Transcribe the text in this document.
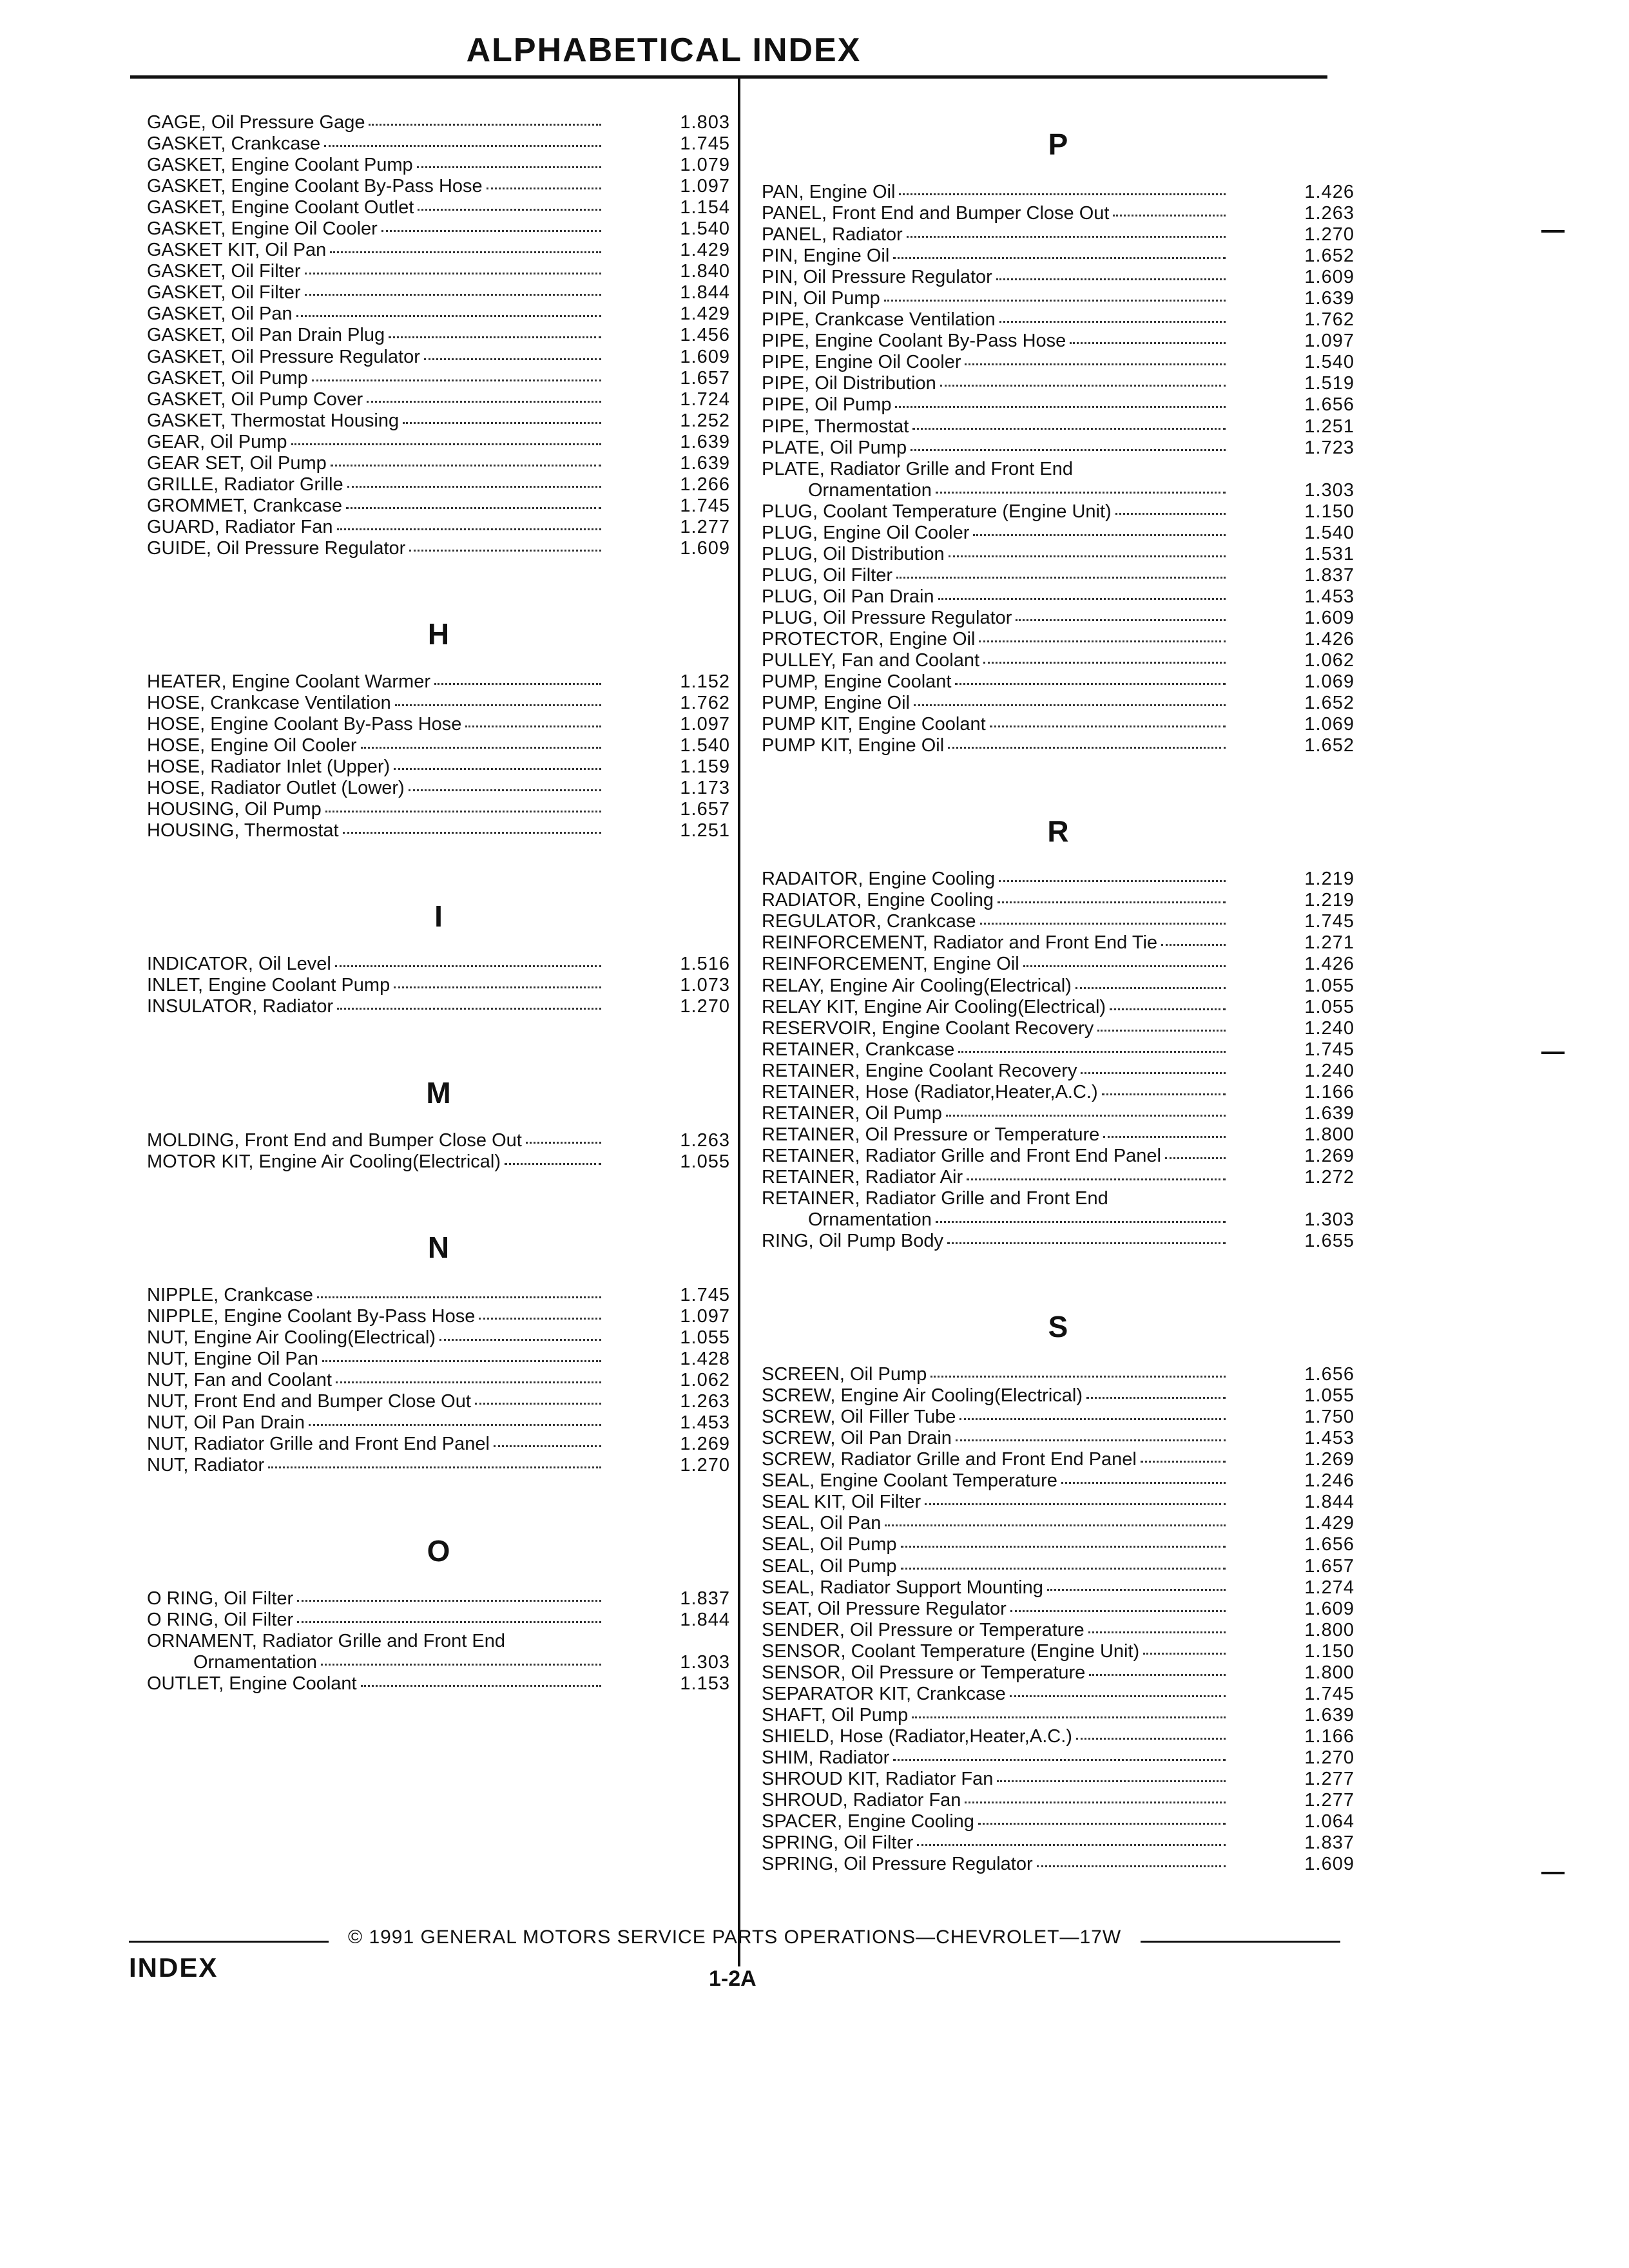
ALPHABETICAL INDEX
GAGE, Oil Pressure Gage	1.803
GASKET, Crankcase	1.745
GASKET, Engine Coolant Pump	1.079
GASKET, Engine Coolant By-Pass Hose	1.097
GASKET, Engine Coolant Outlet	1.154
GASKET, Engine Oil Cooler	1.540
GASKET KIT, Oil Pan	1.429
GASKET, Oil Filter	1.840
GASKET, Oil Filter	1.844
GASKET, Oil Pan	1.429
GASKET, Oil Pan Drain Plug	1.456
GASKET, Oil Pressure Regulator	1.609
GASKET, Oil Pump	1.657
GASKET, Oil Pump Cover	1.724
GASKET, Thermostat Housing	1.252
GEAR, Oil Pump	1.639
GEAR SET, Oil Pump	1.639
GRILLE, Radiator Grille	1.266
GROMMET, Crankcase	1.745
GUARD, Radiator Fan	1.277
GUIDE, Oil Pressure Regulator	1.609
H
HEATER, Engine Coolant Warmer	1.152
HOSE, Crankcase Ventilation	1.762
HOSE, Engine Coolant By-Pass Hose	1.097
HOSE, Engine Oil Cooler	1.540
HOSE, Radiator Inlet (Upper)	1.159
HOSE, Radiator Outlet (Lower)	1.173
HOUSING, Oil Pump	1.657
HOUSING, Thermostat	1.251
I
INDICATOR, Oil Level	1.516
INLET, Engine Coolant Pump	1.073
INSULATOR, Radiator	1.270
M
MOLDING, Front End and Bumper Close Out	1.263
MOTOR KIT, Engine Air Cooling(Electrical)	1.055
N
NIPPLE, Crankcase	1.745
NIPPLE, Engine Coolant By-Pass Hose	1.097
NUT, Engine Air Cooling(Electrical)	1.055
NUT, Engine Oil Pan	1.428
NUT, Fan and Coolant	1.062
NUT, Front End and Bumper Close Out	1.263
NUT, Oil Pan Drain	1.453
NUT, Radiator Grille and Front End Panel	1.269
NUT, Radiator	1.270
O
O RING, Oil Filter	1.837
O RING, Oil Filter	1.844
ORNAMENT, Radiator Grille and Front End
Ornamentation	1.303
OUTLET, Engine Coolant	1.153
P
PAN, Engine Oil	1.426
PANEL, Front End and Bumper Close Out	1.263
PANEL, Radiator	1.270
PIN, Engine Oil	1.652
PIN, Oil Pressure Regulator	1.609
PIN, Oil Pump	1.639
PIPE, Crankcase Ventilation	1.762
PIPE, Engine Coolant By-Pass Hose	1.097
PIPE, Engine Oil Cooler	1.540
PIPE, Oil Distribution	1.519
PIPE, Oil Pump	1.656
PIPE, Thermostat	1.251
PLATE, Oil Pump	1.723
PLATE, Radiator Grille and Front End
Ornamentation	1.303
PLUG, Coolant Temperature (Engine Unit)	1.150
PLUG, Engine Oil Cooler	1.540
PLUG, Oil Distribution	1.531
PLUG, Oil Filter	1.837
PLUG, Oil Pan Drain	1.453
PLUG, Oil Pressure Regulator	1.609
PROTECTOR, Engine Oil	1.426
PULLEY, Fan and Coolant	1.062
PUMP, Engine Coolant	1.069
PUMP, Engine Oil	1.652
PUMP KIT, Engine Coolant	1.069
PUMP KIT, Engine Oil	1.652
R
RADAITOR, Engine Cooling	1.219
RADIATOR, Engine Cooling	1.219
REGULATOR, Crankcase	1.745
REINFORCEMENT, Radiator and Front End Tie	1.271
REINFORCEMENT, Engine Oil	1.426
RELAY, Engine Air Cooling(Electrical)	1.055
RELAY KIT, Engine Air Cooling(Electrical)	1.055
RESERVOIR, Engine Coolant Recovery	1.240
RETAINER, Crankcase	1.745
RETAINER, Engine Coolant Recovery	1.240
RETAINER, Hose (Radiator,Heater,A.C.)	1.166
RETAINER, Oil Pump	1.639
RETAINER, Oil Pressure or Temperature	1.800
RETAINER, Radiator Grille and Front End Panel	1.269
RETAINER, Radiator Air	1.272
RETAINER, Radiator Grille and Front End
Ornamentation	1.303
RING, Oil Pump Body	1.655
S
SCREEN, Oil Pump	1.656
SCREW, Engine Air Cooling(Electrical)	1.055
SCREW, Oil Filler Tube	1.750
SCREW, Oil Pan Drain	1.453
SCREW, Radiator Grille and Front End Panel	1.269
SEAL, Engine Coolant Temperature	1.246
SEAL KIT, Oil Filter	1.844
SEAL, Oil Pan	1.429
SEAL, Oil Pump	1.656
SEAL, Oil Pump	1.657
SEAL, Radiator Support Mounting	1.274
SEAT, Oil Pressure Regulator	1.609
SENDER, Oil Pressure or Temperature	1.800
SENSOR, Coolant Temperature (Engine Unit)	1.150
SENSOR, Oil Pressure or Temperature	1.800
SEPARATOR KIT, Crankcase	1.745
SHAFT, Oil Pump	1.639
SHIELD, Hose (Radiator,Heater,A.C.)	1.166
SHIM, Radiator	1.270
SHROUD KIT, Radiator Fan	1.277
SHROUD, Radiator Fan	1.277
SPACER, Engine Cooling	1.064
SPRING, Oil Filter	1.837
SPRING, Oil Pressure Regulator	1.609
© 1991 GENERAL MOTORS SERVICE PARTS OPERATIONS—CHEVROLET—17W
INDEX	1-2A
